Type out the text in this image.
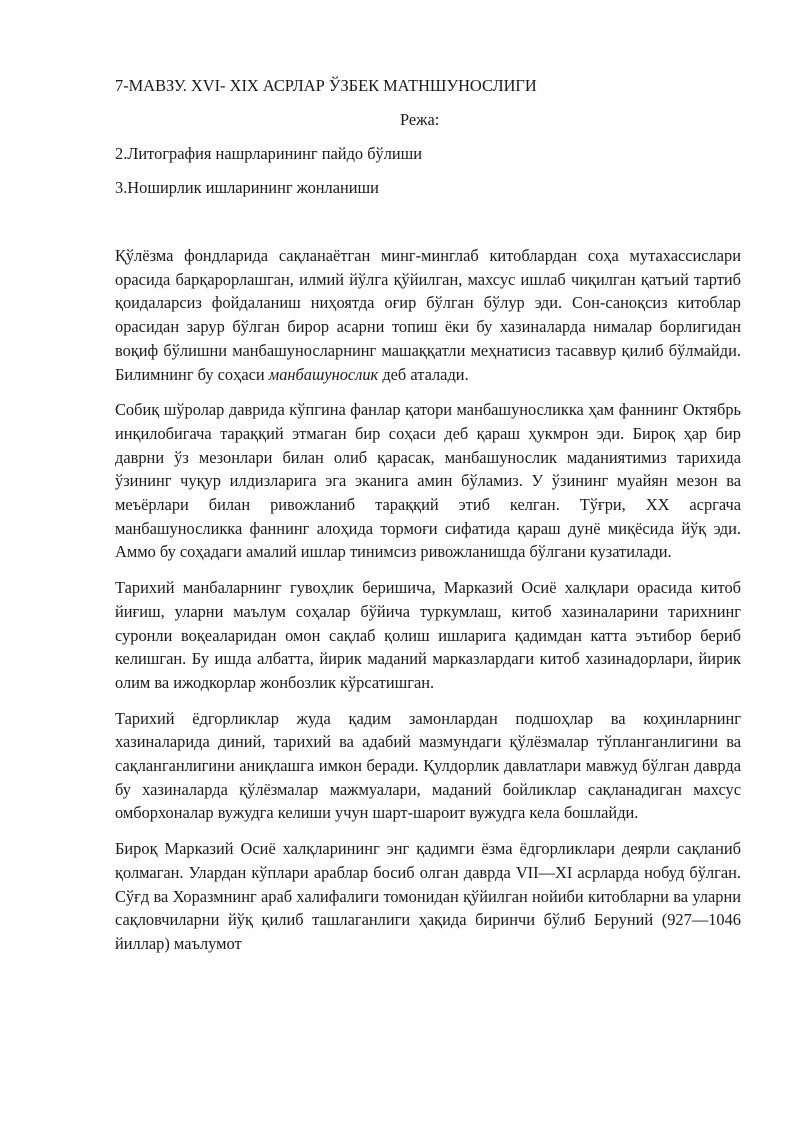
7-МАВЗУ. XVI- XIX АСРЛАР ЎЗБЕК МАТНШУНОСЛИГИ
Режа:
2.Литография нашрларининг пайдо бўлиши
3.Ноширлик ишларининг жонланиши

Қўлёзма фондларида сақланаётган минг-минглаб китоблардан соҳа мутахассислари орасида барқарорлашган, илмий йўлга қўйилган, махсус ишлаб чиқилган қатъий тартиб қоидаларсиз фойдаланиш ниҳоятда оғир бўлган бўлур эди. Сон-саноқсиз китоблар орасидан зарур бўлган бирор асарни топиш ёки бу хазиналарда нималар борлигидан воқиф бўлишни манбашуносларнинг машаққатли меҳнатисиз тасаввур қилиб бўлмайди. Билимнинг бу соҳаси манбашунослик деб аталади.

Собиқ шўролар даврида кўпгина фанлар қатори манбашуносликка ҳам фаннинг Октябрь инқилобигача тараққий этмаган бир соҳаси деб қараш ҳукмрон эди. Бироқ ҳар бир даврни ўз мезонлари билан олиб қарасак, манбашунослик маданиятимиз тарихида ўзининг чуқур илдизларига эга эканига амин бўламиз. У ўзининг муайян мезон ва меъёрлари билан ривожланиб тараққий этиб келган. Тўғри, XX асргача манбашуносликка фаннинг алоҳида тормоғи сифатида қараш дунё миқёсида йўқ эди. Аммо бу соҳадаги амалий ишлар тинимсиз ривожланишда бўлгани кузатилади.

Тарихий манбаларнинг гувоҳлик беришича, Марказий Осиё халқлари орасида китоб йиғиш, уларни маълум соҳалар бўйича туркумлаш, китоб хазиналарини тарихнинг суронли воқеаларидан омон сақлаб қолиш ишларига қадимдан катта эътибор бериб келишган. Бу ишда албатта, йирик маданий марказлардаги китоб хазинадорлари, йирик олим ва ижодкорлар жонбозлик кўрсатишган.

Тарихий ёдгорликлар жуда қадим замонлардан подшоҳлар ва коҳинларнинг хазиналарида диний, тарихий ва адабий мазмундаги қўлёзмалар тўпланганлигини ва сақланганлигини аниқлашга имкон беради. Қулдорлик давлатлари мавжуд бўлган даврда бу хазиналарда қўлёзмалар мажмуалари, маданий бойликлар сақланадиган махсус омборхоналар вужудга келиши учун шарт-шароит вужудга кела бошлайди.

Бироқ Марказий Осиё халқларининг энг қадимги ёзма ёдгорликлари деярли сақланиб қолмаган. Улардан кўплари араблар босиб олган даврда VII—XI асрларда нобуд бўлган. Сўғд ва Хоразмнинг араб халифалиги томонидан қўйилган нойиби китобларни ва уларни сақловчиларни йўқ қилиб ташлаганлиги ҳақида биринчи бўлиб Беруний (927—1046 йиллар) маълумот
